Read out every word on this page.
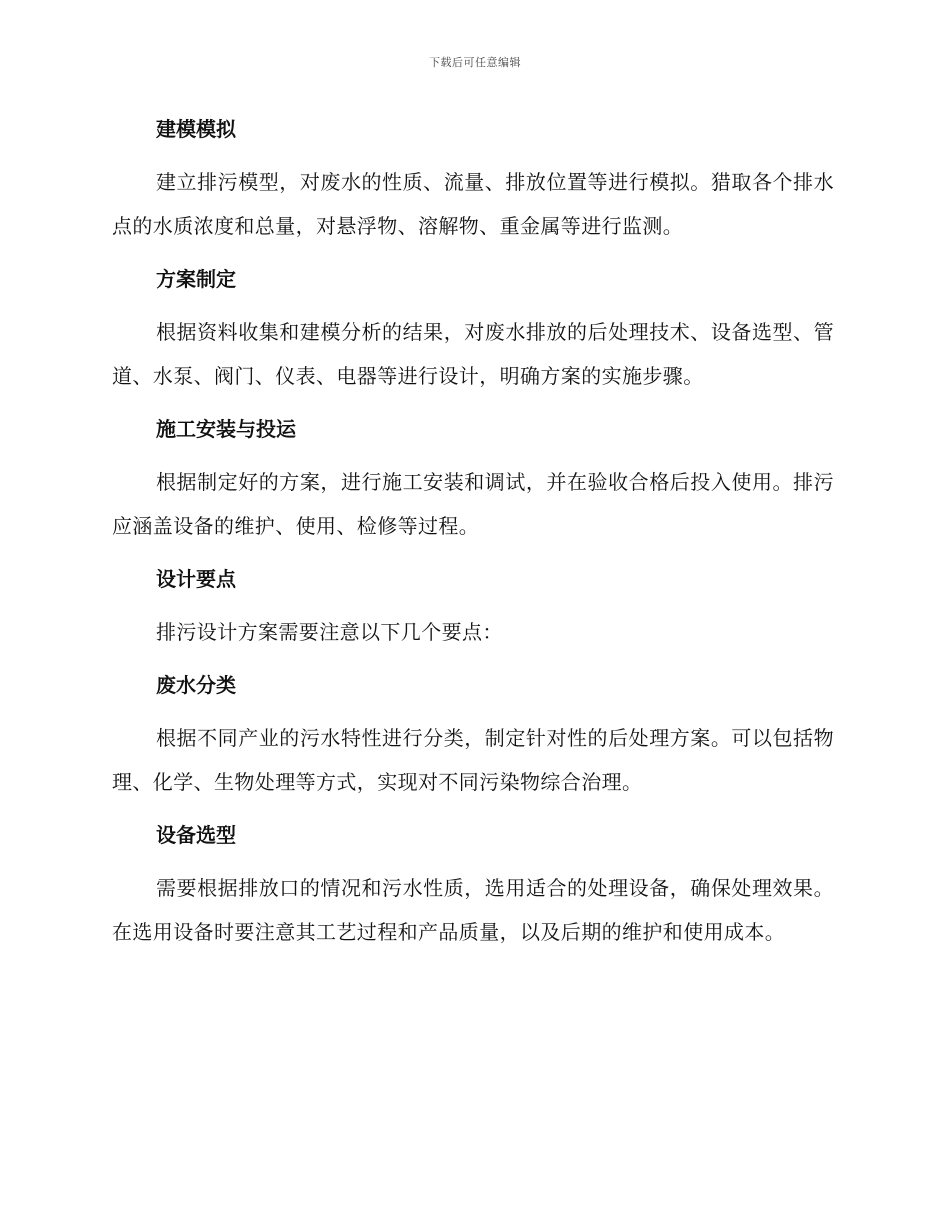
下载后可任意编辑
建模模拟
建立排污模型，对废水的性质、流量、排放位置等进行模拟。猎取各个排水点的水质浓度和总量，对悬浮物、溶解物、重金属等进行监测。
方案制定
根据资料收集和建模分析的结果，对废水排放的后处理技术、设备选型、管道、水泵、阀门、仪表、电器等进行设计，明确方案的实施步骤。
施工安装与投运
根据制定好的方案，进行施工安装和调试，并在验收合格后投入使用。排污应涵盖设备的维护、使用、检修等过程。
设计要点
排污设计方案需要注意以下几个要点：
废水分类
根据不同产业的污水特性进行分类，制定针对性的后处理方案。可以包括物理、化学、生物处理等方式，实现对不同污染物综合治理。
设备选型
需要根据排放口的情况和污水性质，选用适合的处理设备，确保处理效果。在选用设备时要注意其工艺过程和产品质量，以及后期的维护和使用成本。
